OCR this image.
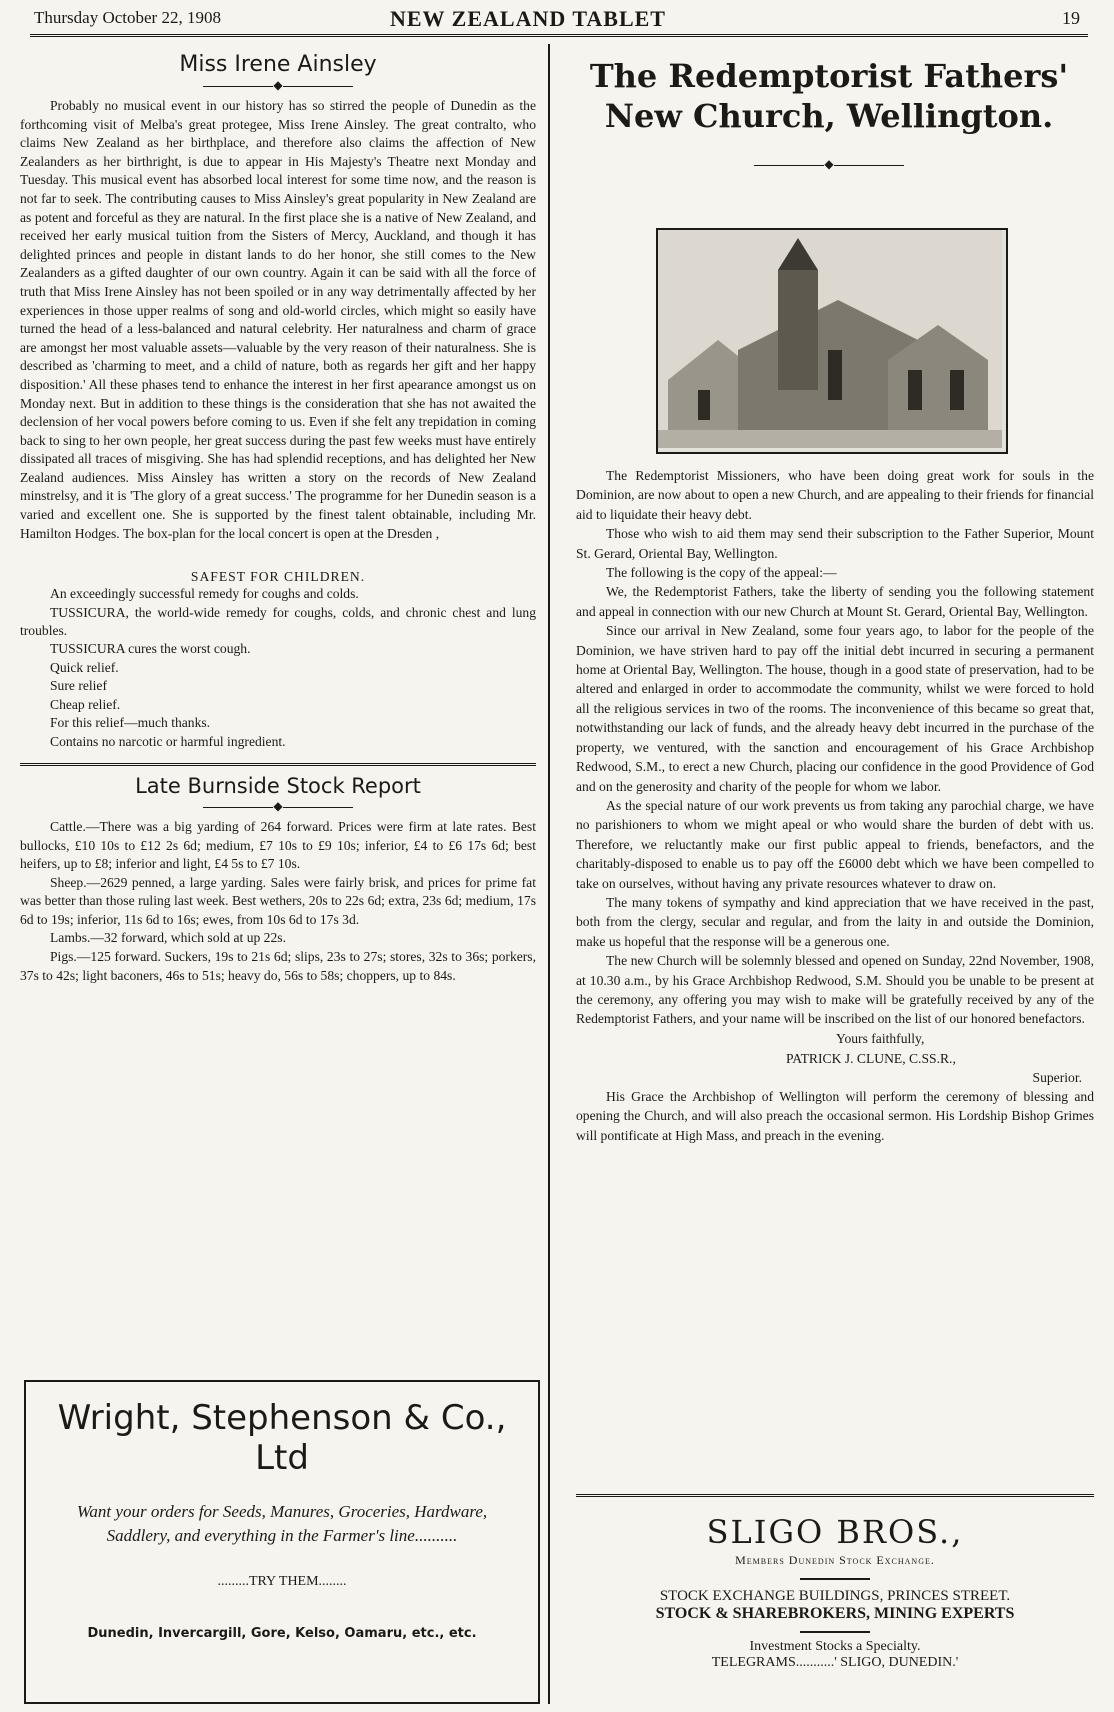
Thursday October 22, 1908	NEW ZEALAND TABLET	19
Miss Irene Ainsley
◆

Probably no musical event in our history has so stirred the people of Dunedin as the forthcoming visit of Melba's great protegee, Miss Irene Ainsley. The great contralto, who claims New Zealand as her birthplace, and therefore also claims the affection of New Zealanders as her birthright, is due to appear in His Majesty's Theatre next Monday and Tuesday. This musical event has absorbed local interest for some time now, and the reason is not far to seek. The contributing causes to Miss Ainsley's great popularity in New Zealand are as potent and forceful as they are natural. In the first place she is a native of New Zealand, and received her early musical tuition from the Sisters of Mercy, Auckland, and though it has delighted princes and people in distant lands to do her honor, she still comes to the New Zealanders as a gifted daughter of our own country. Again it can be said with all the force of truth that Miss Irene Ainsley has not been spoiled or in any way detrimentally affected by her experiences in those upper realms of song and old-world circles, which might so easily have turned the head of a less-balanced and natural celebrity. Her naturalness and charm of grace are amongst her most valuable assets—valuable by the very reason of their naturalness. She is described as 'charming to meet, and a child of nature, both as regards her gift and her happy disposition.' All these phases tend to enhance the interest in her first apearance amongst us on Monday next. But in addition to these things is the consideration that she has not awaited the declension of her vocal powers before coming to us. Even if she felt any trepidation in coming back to sing to her own people, her great success during the past few weeks must have entirely dissipated all traces of misgiving. She has had splendid receptions, and has delighted her New Zealand audiences. Miss Ainsley has written a story on the records of New Zealand minstrelsy, and it is 'The glory of a great success.' The programme for her Dunedin season is a varied and excellent one. She is supported by the finest talent obtainable, including Mr. Hamilton Hodges. The box-plan for the local concert is open at the Dresden ,

SAFEST FOR CHILDREN.

An exceedingly successful remedy for coughs and colds.

TUSSICURA, the world-wide remedy for coughs, colds, and chronic chest and lung troubles.

TUSSICURA cures the worst cough.

Quick relief.
Sure relief
Cheap relief.
For this relief—much thanks.
Contains no narcotic or harmful ingredient.
Late Burnside Stock Report
◆

Cattle.—There was a big yarding of 264 forward. Prices were firm at late rates. Best bullocks, £10 10s to £12 2s 6d; medium, £7 10s to £9 10s; inferior, £4 to £6 17s 6d; best heifers, up to £8; inferior and light, £4 5s to £7 10s.

Sheep.—2629 penned, a large yarding. Sales were fairly brisk, and prices for prime fat was better than those ruling last week. Best wethers, 20s to 22s 6d; extra, 23s 6d; medium, 17s 6d to 19s; inferior, 11s 6d to 16s; ewes, from 10s 6d to 17s 3d.

Lambs.—32 forward, which sold at up 22s.

Pigs.—125 forward. Suckers, 19s to 21s 6d; slips, 23s to 27s; stores, 32s to 36s; porkers, 37s to 42s; light baconers, 46s to 51s; heavy do, 56s to 58s; choppers, up to 84s.

Wright, Stephenson & Co.,
Ltd
Want your orders for Seeds, Manures, Groceries, Hardware, Saddlery, and everything in the Farmer's line..........
.........TRY THEM........
Dunedin, Invercargill, Gore, Kelso, Oamaru, etc., etc.
The Redemptorist Fathers'
New Church, Wellington.
◆

The Redemptorist Missioners, who have been doing great work for souls in the Dominion, are now about to open a new Church, and are appealing to their friends for financial aid to liquidate their heavy debt.

Those who wish to aid them may send their subscription to the Father Superior, Mount St. Gerard, Oriental Bay, Wellington.

The following is the copy of the appeal:—

We, the Redemptorist Fathers, take the liberty of sending you the following statement and appeal in connection with our new Church at Mount St. Gerard, Oriental Bay, Wellington.

Since our arrival in New Zealand, some four years ago, to labor for the people of the Dominion, we have striven hard to pay off the initial debt incurred in securing a permanent home at Oriental Bay, Wellington. The house, though in a good state of preservation, had to be altered and enlarged in order to accommodate the community, whilst we were forced to hold all the religious services in two of the rooms. The inconvenience of this became so great that, notwithstanding our lack of funds, and the already heavy debt incurred in the purchase of the property, we ventured, with the sanction and encouragement of his Grace Archbishop Redwood, S.M., to erect a new Church, placing our confidence in the good Providence of God and on the generosity and charity of the people for whom we labor.

As the special nature of our work prevents us from taking any parochial charge, we have no parishioners to whom we might apeal or who would share the burden of debt with us. Therefore, we reluctantly make our first public appeal to friends, benefactors, and the charitably-disposed to enable us to pay off the £6000 debt which we have been compelled to take on ourselves, without having any private resources whatever to draw on.

The many tokens of sympathy and kind appreciation that we have received in the past, both from the clergy, secular and regular, and from the laity in and outside the Dominion, make us hopeful that the response will be a generous one.

The new Church will be solemnly blessed and opened on Sunday, 22nd November, 1908, at 10.30 a.m., by his Grace Archbishop Redwood, S.M. Should you be unable to be present at the ceremony, any offering you may wish to make will be gratefully received by any of the Redemptorist Fathers, and your name will be inscribed on the list of our honored benefactors.

Yours faithfully,
PATRICK J. CLUNE, C.SS.R.,
Superior.

His Grace the Archbishop of Wellington will perform the ceremony of blessing and opening the Church, and will also preach the occasional sermon. His Lordship Bishop Grimes will pontificate at High Mass, and preach in the evening.

SLIGO BROS.,
Members Dunedin Stock Exchange.
STOCK EXCHANGE BUILDINGS, PRINCES STREET.
STOCK & SHAREBROKERS, MINING EXPERTS
Investment Stocks a Specialty.
TELEGRAMS...........' SLIGO, DUNEDIN.'
